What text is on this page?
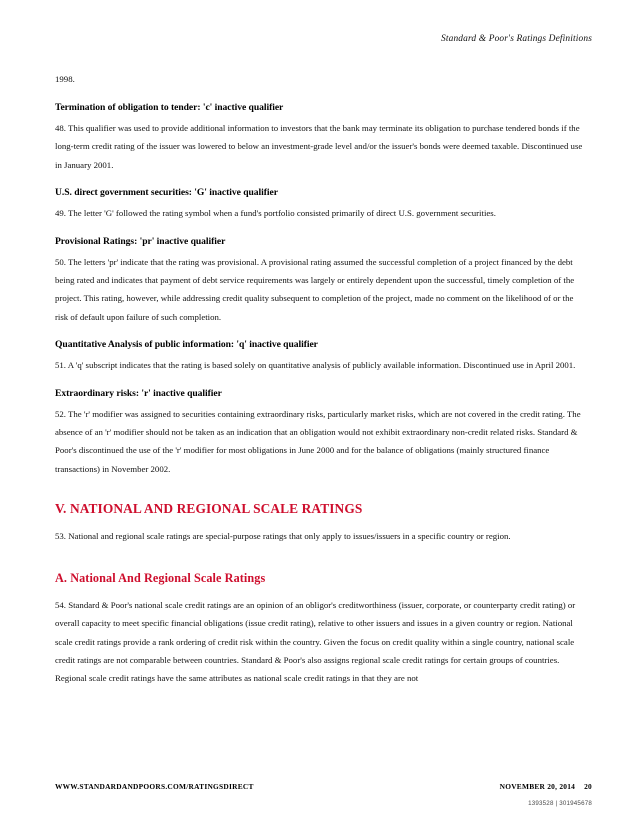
Standard & Poor's Ratings Definitions

1998.

Termination of obligation to tender: 'c' inactive qualifier

48. This qualifier was used to provide additional information to investors that the bank may terminate its obligation to purchase tendered bonds if the long-term credit rating of the issuer was lowered to below an investment-grade level and/or the issuer's bonds were deemed taxable. Discontinued use in January 2001.

U.S. direct government securities: 'G' inactive qualifier

49. The letter 'G' followed the rating symbol when a fund's portfolio consisted primarily of direct U.S. government securities.

Provisional Ratings: 'pr' inactive qualifier

50. The letters 'pr' indicate that the rating was provisional. A provisional rating assumed the successful completion of a project financed by the debt being rated and indicates that payment of debt service requirements was largely or entirely dependent upon the successful, timely completion of the project. This rating, however, while addressing credit quality subsequent to completion of the project, made no comment on the likelihood of or the risk of default upon failure of such completion.

Quantitative Analysis of public information: 'q' inactive qualifier

51. A 'q' subscript indicates that the rating is based solely on quantitative analysis of publicly available information. Discontinued use in April 2001.

Extraordinary risks: 'r' inactive qualifier

52. The 'r' modifier was assigned to securities containing extraordinary risks, particularly market risks, which are not covered in the credit rating. The absence of an 'r' modifier should not be taken as an indication that an obligation would not exhibit extraordinary non-credit related risks. Standard & Poor's discontinued the use of the 'r' modifier for most obligations in June 2000 and for the balance of obligations (mainly structured finance transactions) in November 2002.

V. NATIONAL AND REGIONAL SCALE RATINGS

53. National and regional scale ratings are special-purpose ratings that only apply to issues/issuers in a specific country or region.

A. National And Regional Scale Ratings

54. Standard & Poor's national scale credit ratings are an opinion of an obligor's creditworthiness (issuer, corporate, or counterparty credit rating) or overall capacity to meet specific financial obligations (issue credit rating), relative to other issuers and issues in a given country or region. National scale credit ratings provide a rank ordering of credit risk within the country. Given the focus on credit quality within a single country, national scale credit ratings are not comparable between countries. Standard & Poor's also assigns regional scale credit ratings for certain groups of countries. Regional scale credit ratings have the same attributes as national scale credit ratings in that they are not

WWW.STANDARDANDPOORS.COM/RATINGSDIRECT	NOVEMBER 20, 2014 20
1393528 | 301945678
